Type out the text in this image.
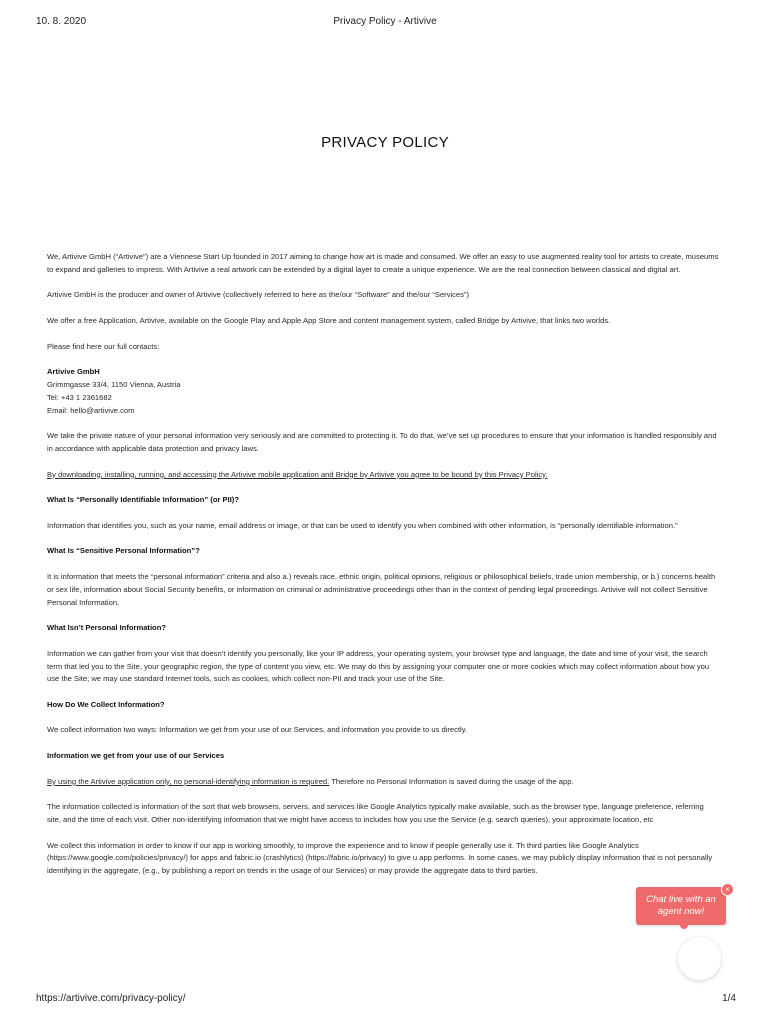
10. 8. 2020	Privacy Policy - Artivive
PRIVACY POLICY

We, Artivive GmbH (“Artivive”) are a Viennese Start Up founded in 2017 aiming to change how art is made and consumed. We offer an easy to use augmented reality tool for artists to create, museums to expand and galleries to impress. With Artivive a real artwork can be extended by a digital layer to create a unique experience. We are the real connection between classical and digital art.

Artivive GmbH is the producer and owner of Artivive (collectively referred to here as the/our “Software” and the/our “Services”)

We offer a free Application, Artivive, available on the Google Play and Apple App Store and content management system, called Bridge by Artivive, that links two worlds.

Please find here our full contacts:

Artivive GmbH
Grimmgasse 33/4, 1150 Vienna, Austria
Tel: +43 1 2361682
Email: hello@artivive.com

We take the private nature of your personal information very seriously and are committed to protecting it. To do that, we’ve set up procedures to ensure that your information is handled responsibly and in accordance with applicable data protection and privacy laws.

By downloading, installing, running, and accessing the Artivive mobile application and Bridge by Artivive you agree to be bound by this Privacy Policy.

What Is “Personally Identifiable Information” (or PII)?

Information that identifies you, such as your name, email address or image, or that can be used to identify you when combined with other information, is “personally identifiable information.”

What Is “Sensitive Personal Information”?

It is information that meets the “personal information” criteria and also a.) reveals race, ethnic origin, political opinions, religious or philosophical beliefs, trade union membership, or b.) concerns health or sex life, information about Social Security benefits, or information on criminal or administrative proceedings other than in the context of pending legal proceedings. Artivive will not collect Sensitive Personal Information.

What Isn’t Personal Information?

Information we can gather from your visit that doesn’t identify you personally, like your IP address, your operating system, your browser type and language, the date and time of your visit, the search term that led you to the Site, your geographic region, the type of content you view, etc. We may do this by assigning your computer one or more cookies which may collect information about how you use the Site; we may use standard Internet tools, such as cookies, which collect non-PII and track your use of the Site.

How Do We Collect Information?

We collect information two ways: Information we get from your use of our Services, and information you provide to us directly.

Information we get from your use of our Services

By using the Artivive application only, no personal-identifying information is required. Therefore no Personal Information is saved during the usage of the app.

The information collected is information of the sort that web browsers, servers, and services like Google Analytics typically make available, such as the browser type, language preference, referring site, and the time of each visit. Other non-identifying information that we might have access to includes how you use the Service (e.g. search queries), your approximate location, etc

We collect this information in order to know if our app is working smoothly, to improve the experience and to know if people generally use it. Th third parties like Google Analytics (https://www.google.com/policies/privacy/) for apps and fabric.io (crashlytics) (https://fabric.io/privacy) to give u app performs. In some cases, we may publicly display information that is not personally identifying in the aggregate, (e.g., by publishing a report on trends in the usage of our Services) or may provide the aggregate data to third parties.

Chat live with an agent now!
×
https://artivive.com/privacy-policy/	1/4
